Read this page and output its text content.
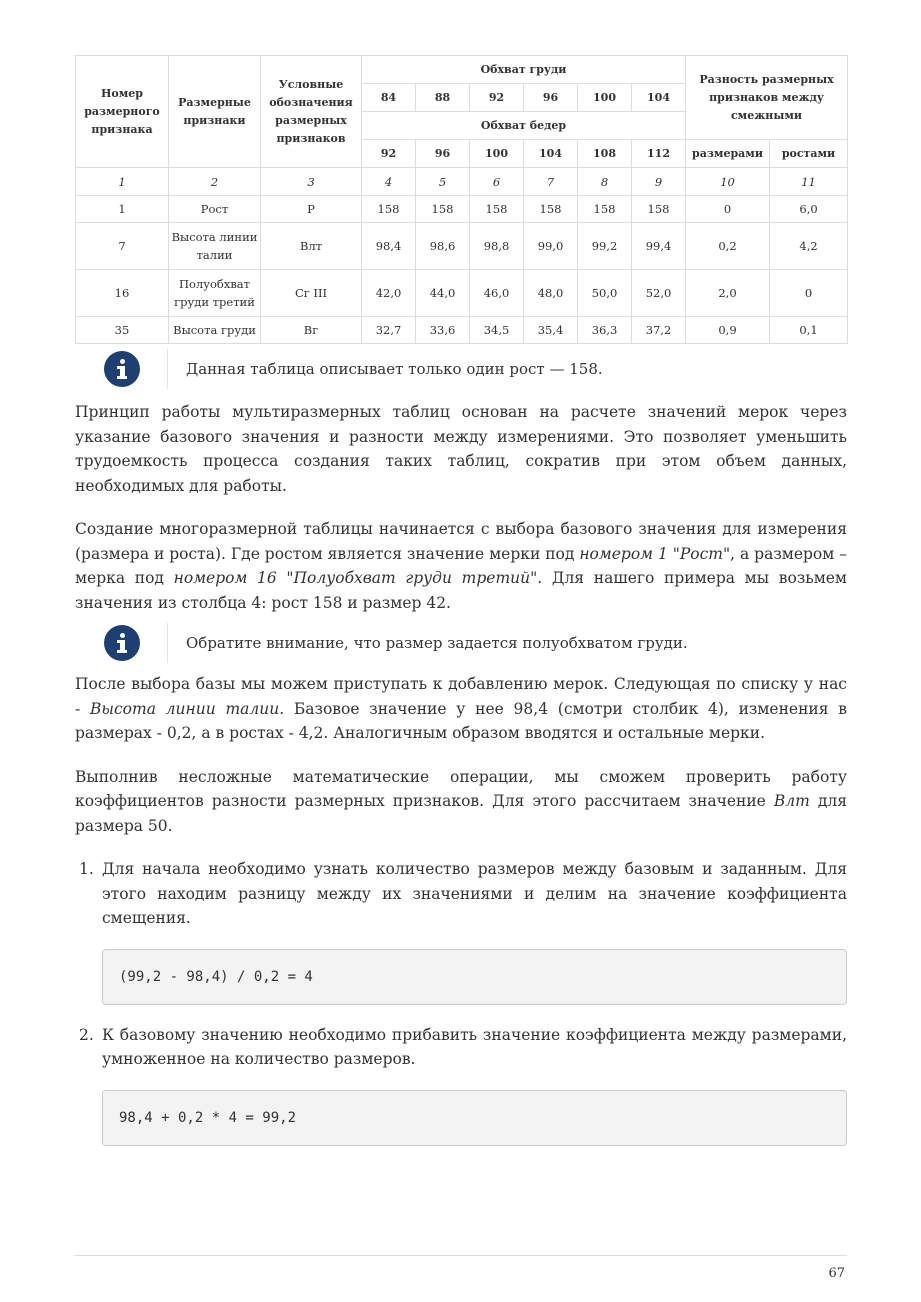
Номер размерного признака	Размерные признаки	Условные обозначения размерных признаков	Обхват груди						Разность размерных признаков между смежными	
			84	88	92	96	100	104		
			Обхват бедер							
			92	96	100	104	108	112	размерами	ростами
1	2	3	4	5	6	7	8	9	10	11
1	Рост	Р	158	158	158	158	158	158	0	6,0
7	Высота линии талии	Влт	98,4	98,6	98,8	99,0	99,2	99,4	0,2	4,2
16	Полуобхват груди третий	Сг III	42,0	44,0	46,0	48,0	50,0	52,0	2,0	0
35	Высота груди	Вг	32,7	33,6	34,5	35,4	36,3	37,2	0,9	0,1
Данная таблица описывает только один рост — 158.

Принцип работы мультиразмерных таблиц основан на расчете значений мерок через указание базового значения и разности между измерениями. Это позволяет уменьшить трудоемкость процесса создания таких таблиц, сократив при этом объем данных, необходимых для работы.

Создание многоразмерной таблицы начинается с выбора базового значения для измерения (размера и роста). Где ростом является значение мерки под номером 1 "Рост", а размером – мерка под номером 16 "Полуобхват груди третий". Для нашего примера мы возьмем значения из столбца 4: рост 158 и размер 42.

Обратите внимание, что размер задается полуобхватом груди.

После выбора базы мы можем приступать к добавлению мерок. Следующая по списку у нас - Высота линии талии. Базовое значение у нее 98,4 (смотри столбик 4), изменения в размерах - 0,2, а в ростах - 4,2. Аналогичным образом вводятся и остальные мерки.

Выполнив несложные математические операции, мы сможем проверить работу коэффициентов разности размерных признаков. Для этого рассчитаем значение Влт для размера 50.

1. Для начала необходимо узнать количество размеров между базовым и заданным. Для этого находим разницу между их значениями и делим на значение коэффициента смещения.

(99,2 - 98,4) / 0,2 = 4
2. К базовому значению необходимо прибавить значение коэффициента между размерами, умноженное на количество размеров.

98,4 + 0,2 * 4 = 99,2
67
